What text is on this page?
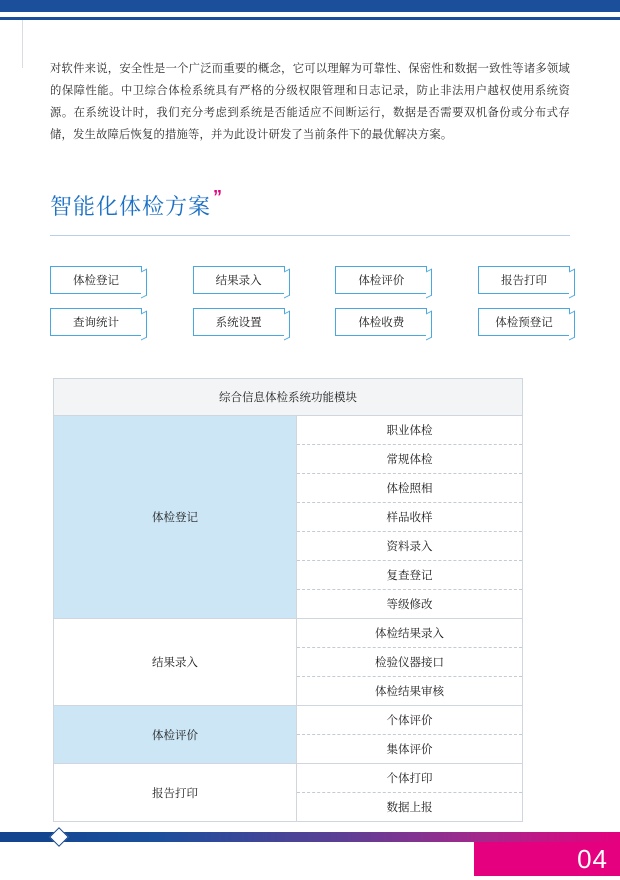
对软件来说，安全性是一个广泛而重要的概念，它可以理解为可靠性、保密性和数据一致性等诸多领域的保障性能。中卫综合体检系统具有严格的分级权限管理和日志记录，防止非法用户越权使用系统资源。在系统设计时，我们充分考虑到系统是否能适应不间断运行，数据是否需要双机备份或分布式存储，发生故障后恢复的措施等，并为此设计研发了当前条件下的最优解决方案。

智能化体检方案 ”
体检登记	结果录入	体检评价	报告打印
查询统计	系统设置	体检收费	体检预登记
综合信息体检系统功能模块	
体检登记	职业体检
	常规体检
	体检照相
	样品收样
	资料录入
	复查登记
	等级修改
结果录入	体检结果录入
	检验仪器接口
	体检结果审核
体检评价	个体评价
	集体评价
报告打印	个体打印
	数据上报
04
